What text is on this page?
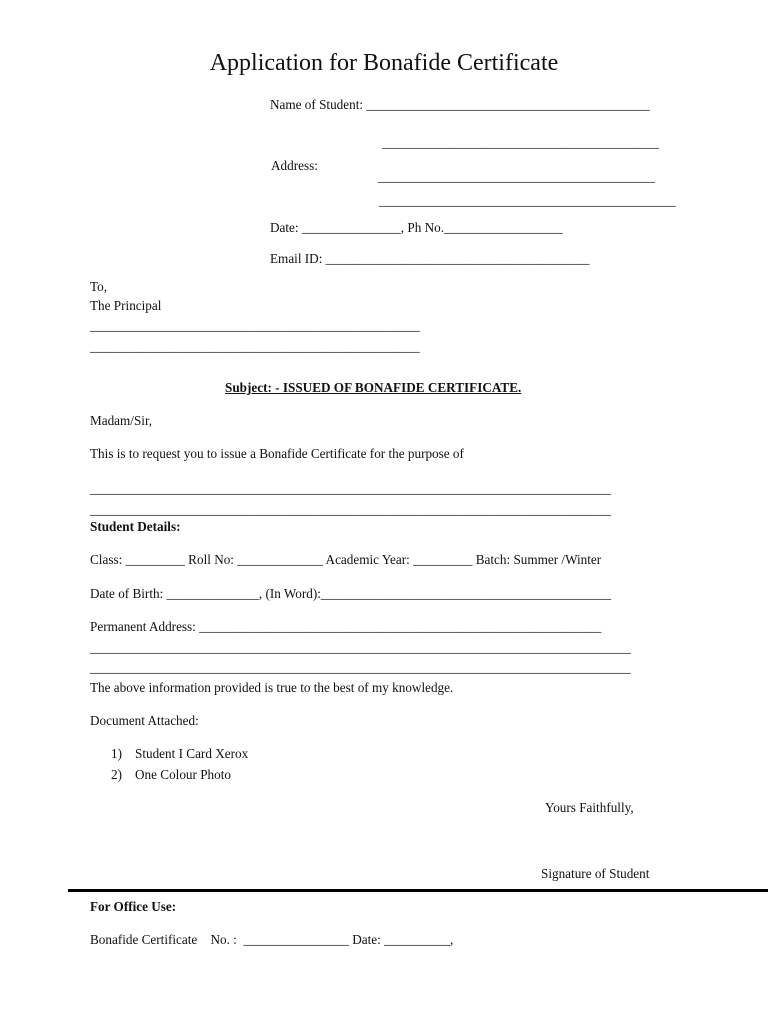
Application for Bonafide Certificate
Name of Student: ___________________________________________
__________________________________________
Address:
__________________________________________
_____________________________________________
Date: _______________, Ph No.__________________
Email ID: ________________________________________
To,
The Principal
__________________________________________________
__________________________________________________
Subject: - ISSUED OF BONAFIDE CERTIFICATE.
Madam/Sir,
This is to request you to issue a Bonafide Certificate for the purpose of
_______________________________________________________________________________
_______________________________________________________________________________
Student Details:
Class: _________ Roll No: _____________ Academic Year: _________ Batch: Summer /Winter
Date of Birth: ______________, (In Word):____________________________________________
Permanent Address: _____________________________________________________________
__________________________________________________________________________________
__________________________________________________________________________________
The above information provided is true to the best of my knowledge.
Document Attached:
1) Student I Card Xerox
2) One Colour Photo
Yours Faithfully,
Signature of Student
For Office Use:
Bonafide Certificate    No. :  ________________ Date: __________,
